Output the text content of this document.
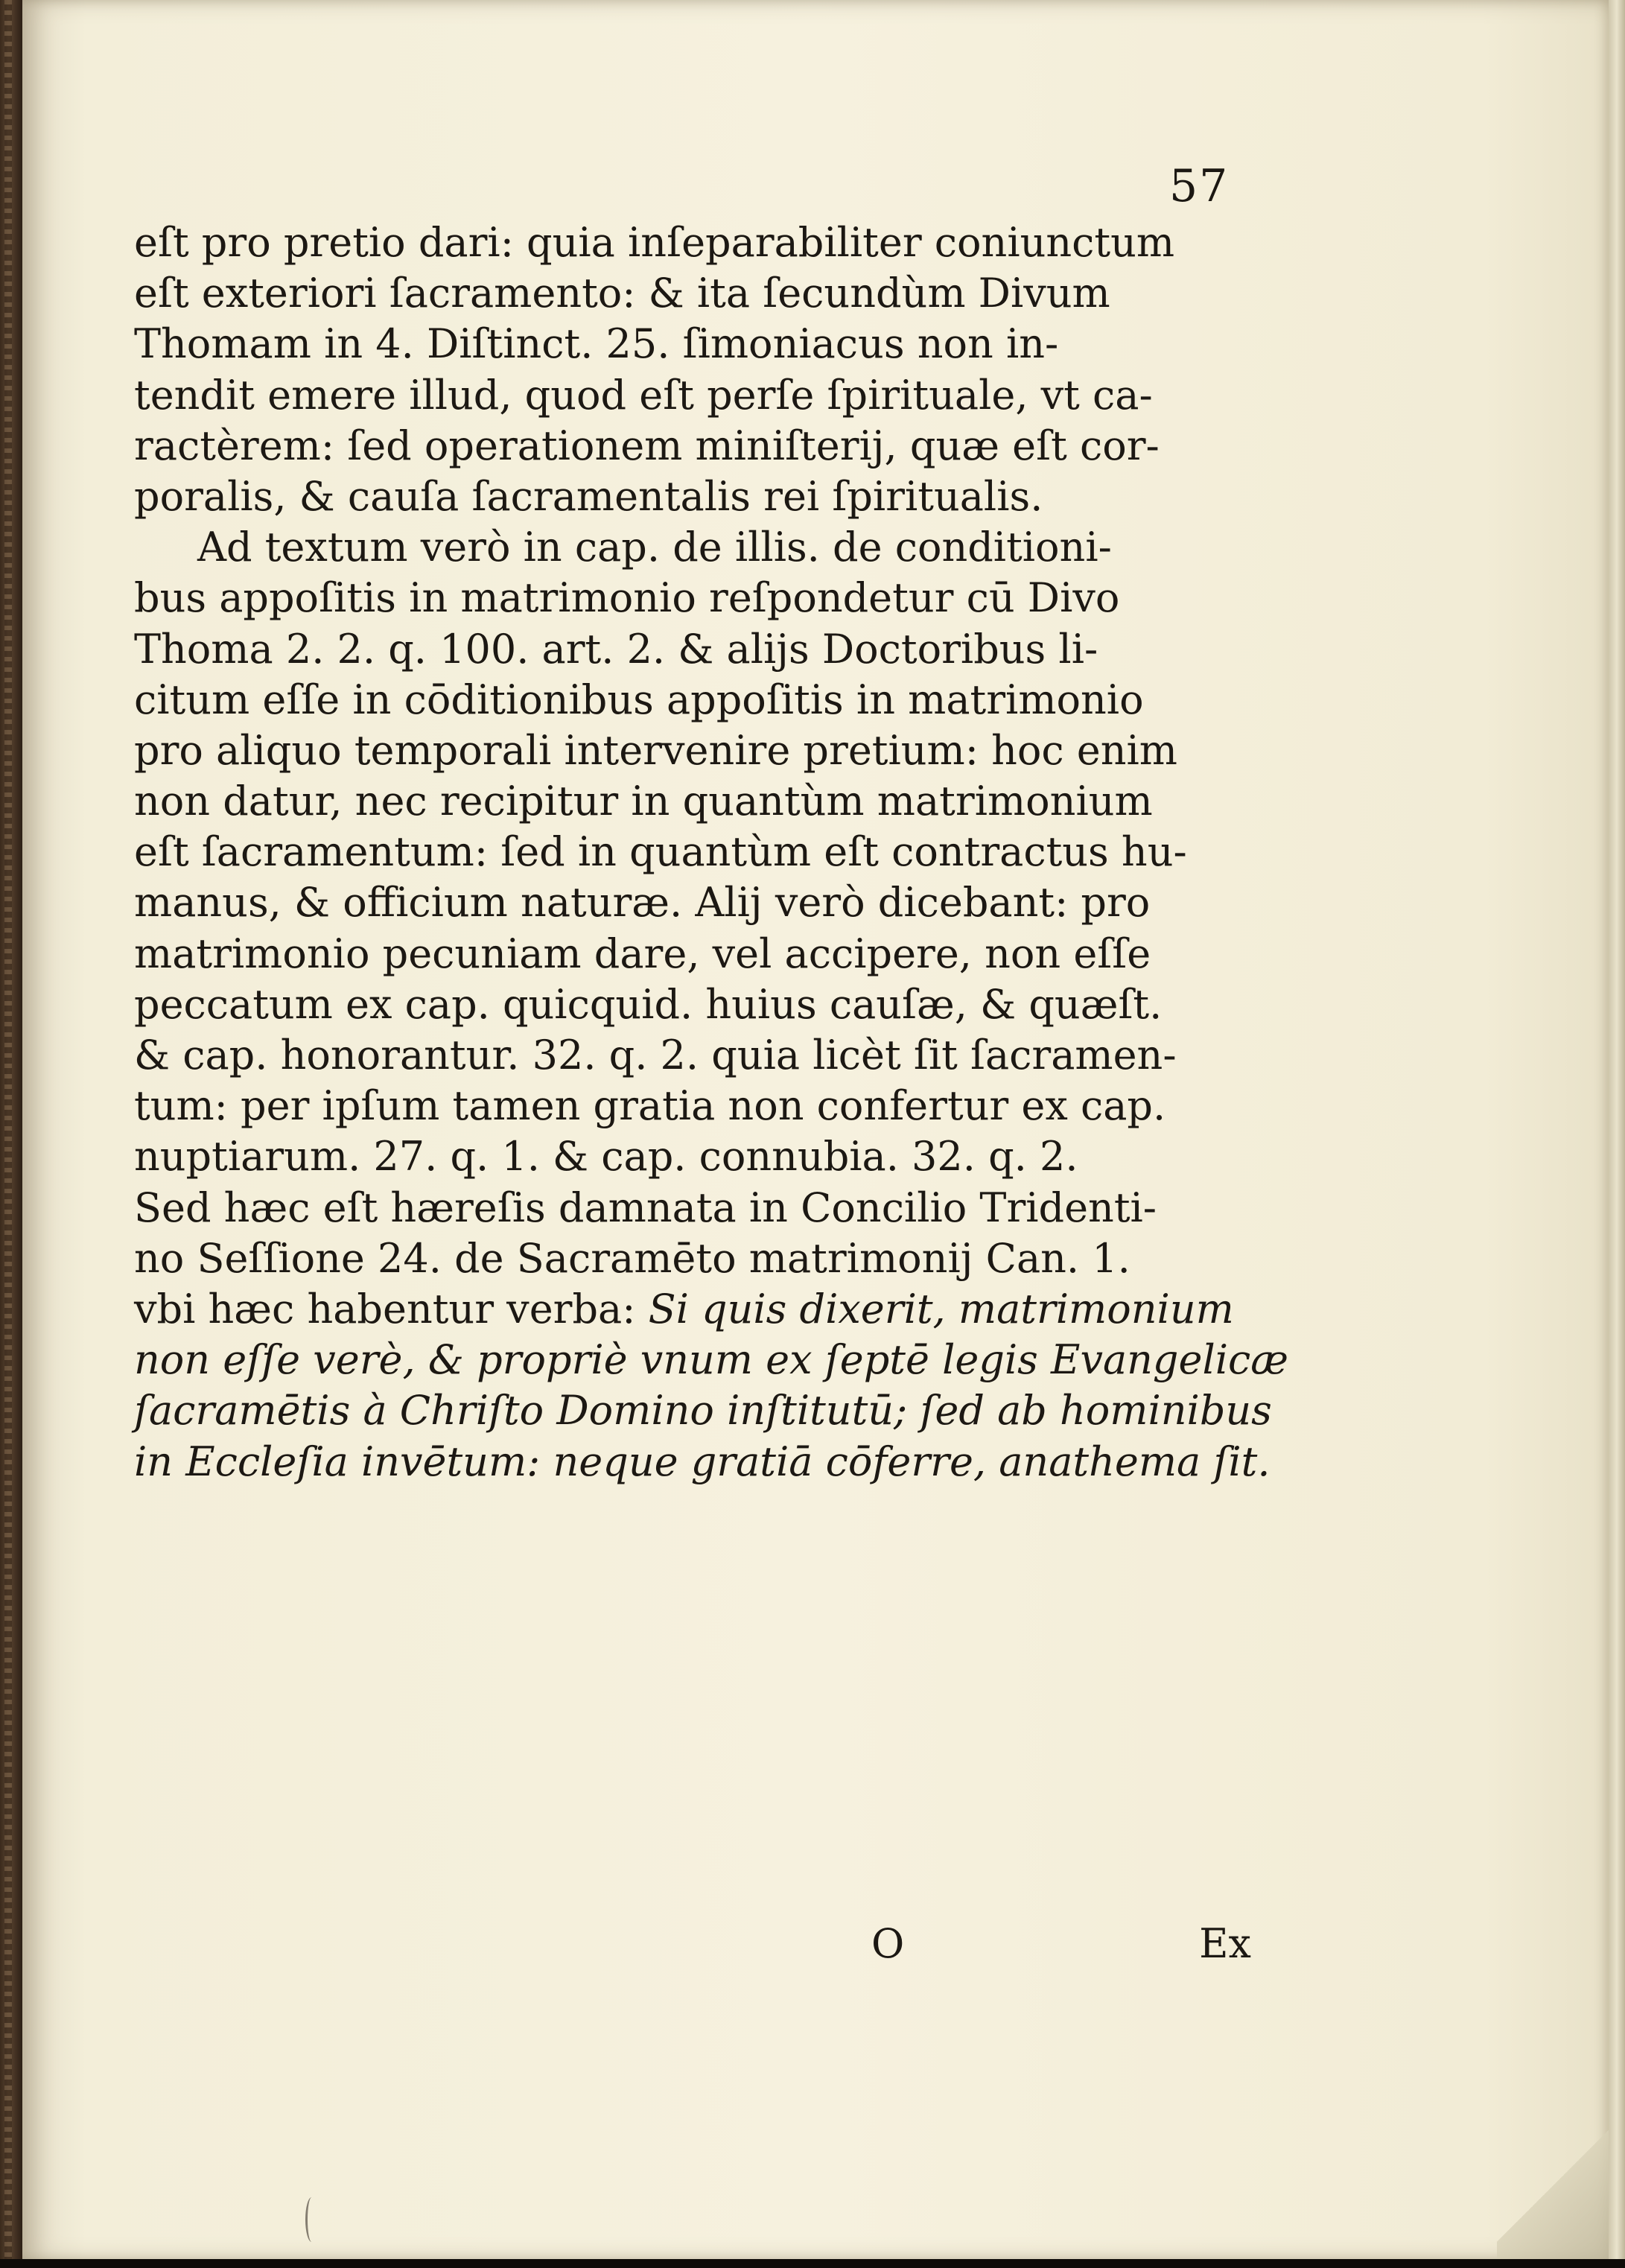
57
eſt pro pretio dari: quia inſeparabiliter coniunctum
eſt exteriori ſacramento: & ita ſecundùm Divum
Thomam in 4. Diſtinct. 25. ſimoniacus non in-
tendit emere illud, quod eſt perſe ſpirituale, vt ca-
ractèrem: ſed operationem miniſterij, quæ eſt cor-
poralis, & cauſa ſacramentalis rei ſpiritualis.
Ad textum verò in cap. de illis. de conditioni-
bus appoſitis in matrimonio reſpondetur cū Divo
Thoma 2. 2. q. 100. art. 2. & alijs Doctoribus li-
citum eſſe in cōditionibus appoſitis in matrimonio
pro aliquo temporali intervenire pretium: hoc enim
non datur, nec recipitur in quantùm matrimonium
eſt ſacramentum: ſed in quantùm eſt contractus hu-
manus, & officium naturæ. Alij verò dicebant: pro
matrimonio pecuniam dare, vel accipere, non eſſe
peccatum ex cap. quicquid. huius cauſæ, & quæſt.
& cap. honorantur. 32. q. 2. quia licèt ſit ſacramen-
tum: per ipſum tamen gratia non confertur ex cap.
nuptiarum. 27. q. 1. & cap. connubia. 32. q. 2.
Sed hæc eſt hæreſis damnata in Concilio Tridenti-
no Seſſione 24. de Sacramēto matrimonij Can. 1.
vbi hæc habentur verba: Si quis dixerit, matrimonium
non eſſe verè, & propriè vnum ex ſeptē legis Evangelicæ
ſacramētis à Chriſto Domino inſtitutū; ſed ab hominibus
in Eccleſia invētum: neque gratiā cōferre, anathema ſit.
O	Ex
